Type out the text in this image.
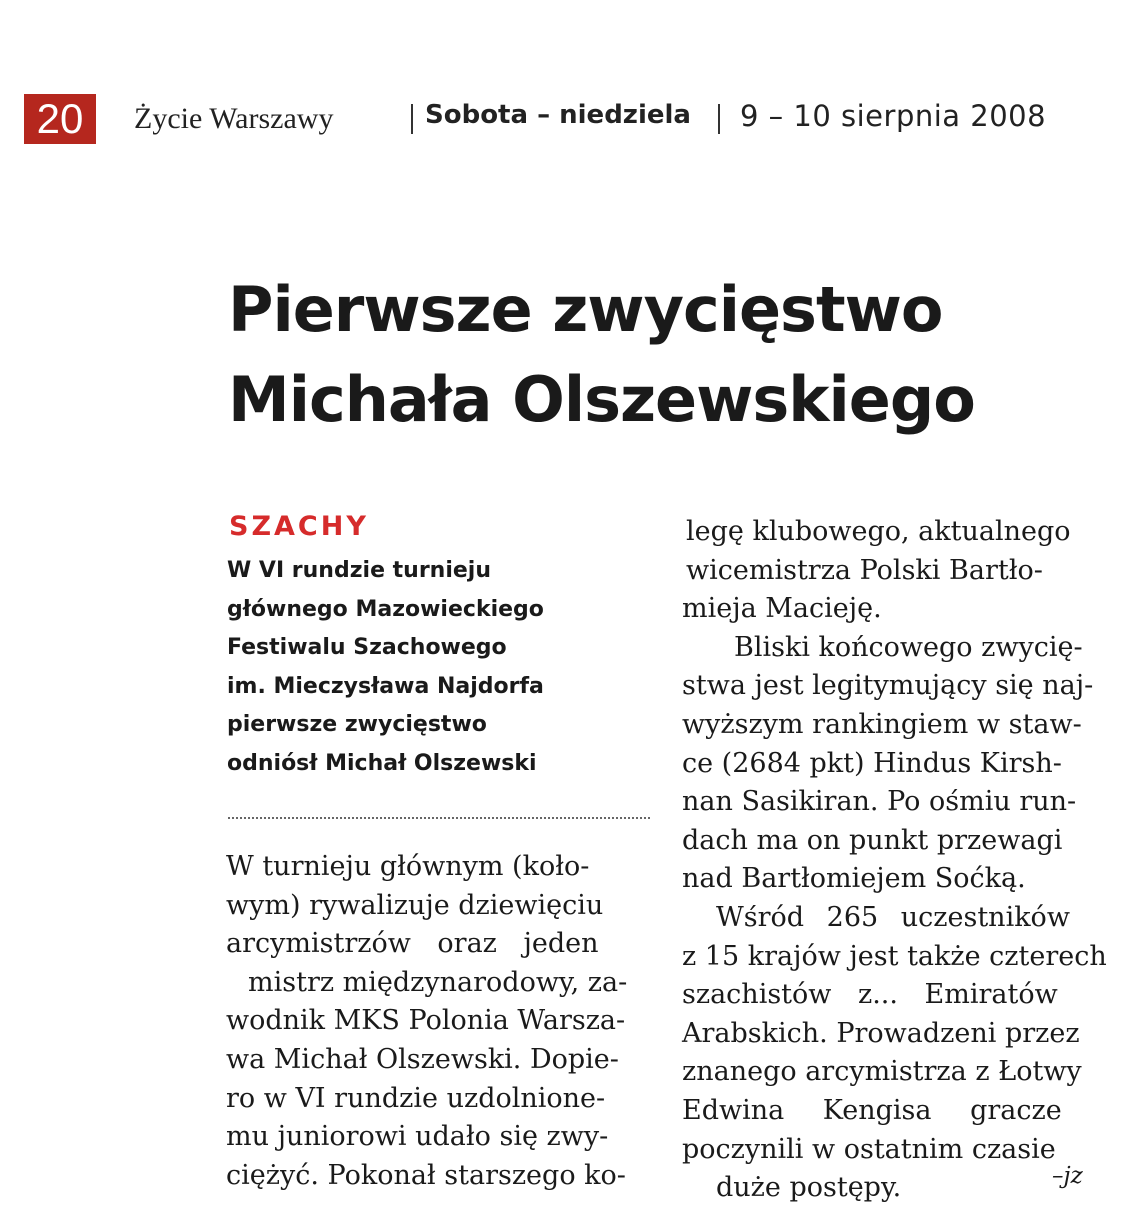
20	Życie Warszawy	Sobota – niedziela 9 – 10 sierpnia 2008
Pierwsze zwycięstwo
Michała Olszewskiego
SZACHY
W VI rundzie turnieju
głównego Mazowieckiego
Festiwalu Szachowego
im. Mieczysława Najdorfa
pierwsze zwycięstwo
odniósł Michał Olszewski
W turnieju głównym (koło-
wym) rywalizuje dziewięciu
arcymistrzów oraz jeden
mistrz międzynarodowy, za-
wodnik MKS Polonia Warsza-
wa Michał Olszewski. Dopie-
ro w VI rundzie uzdolnione-
mu juniorowi udało się zwy-
ciężyć. Pokonał starszego ko-
legę klubowego, aktualnego
wicemistrza Polski Bartło-
mieja Macieję.
Bliski końcowego zwycię-
stwa jest legitymujący się naj-
wyższym rankingiem w staw-
ce (2684 pkt) Hindus Kirsh-
nan Sasikiran. Po ośmiu run-
dach ma on punkt przewagi
nad Bartłomiejem Soćką.
Wśród 265 uczestników
z 15 krajów jest także czterech
szachistów z... Emiratów
Arabskich. Prowadzeni przez
znanego arcymistrza z Łotwy
Edwina Kengisa gracze
poczynili w ostatnim czasie
duże postępy.	–jz
